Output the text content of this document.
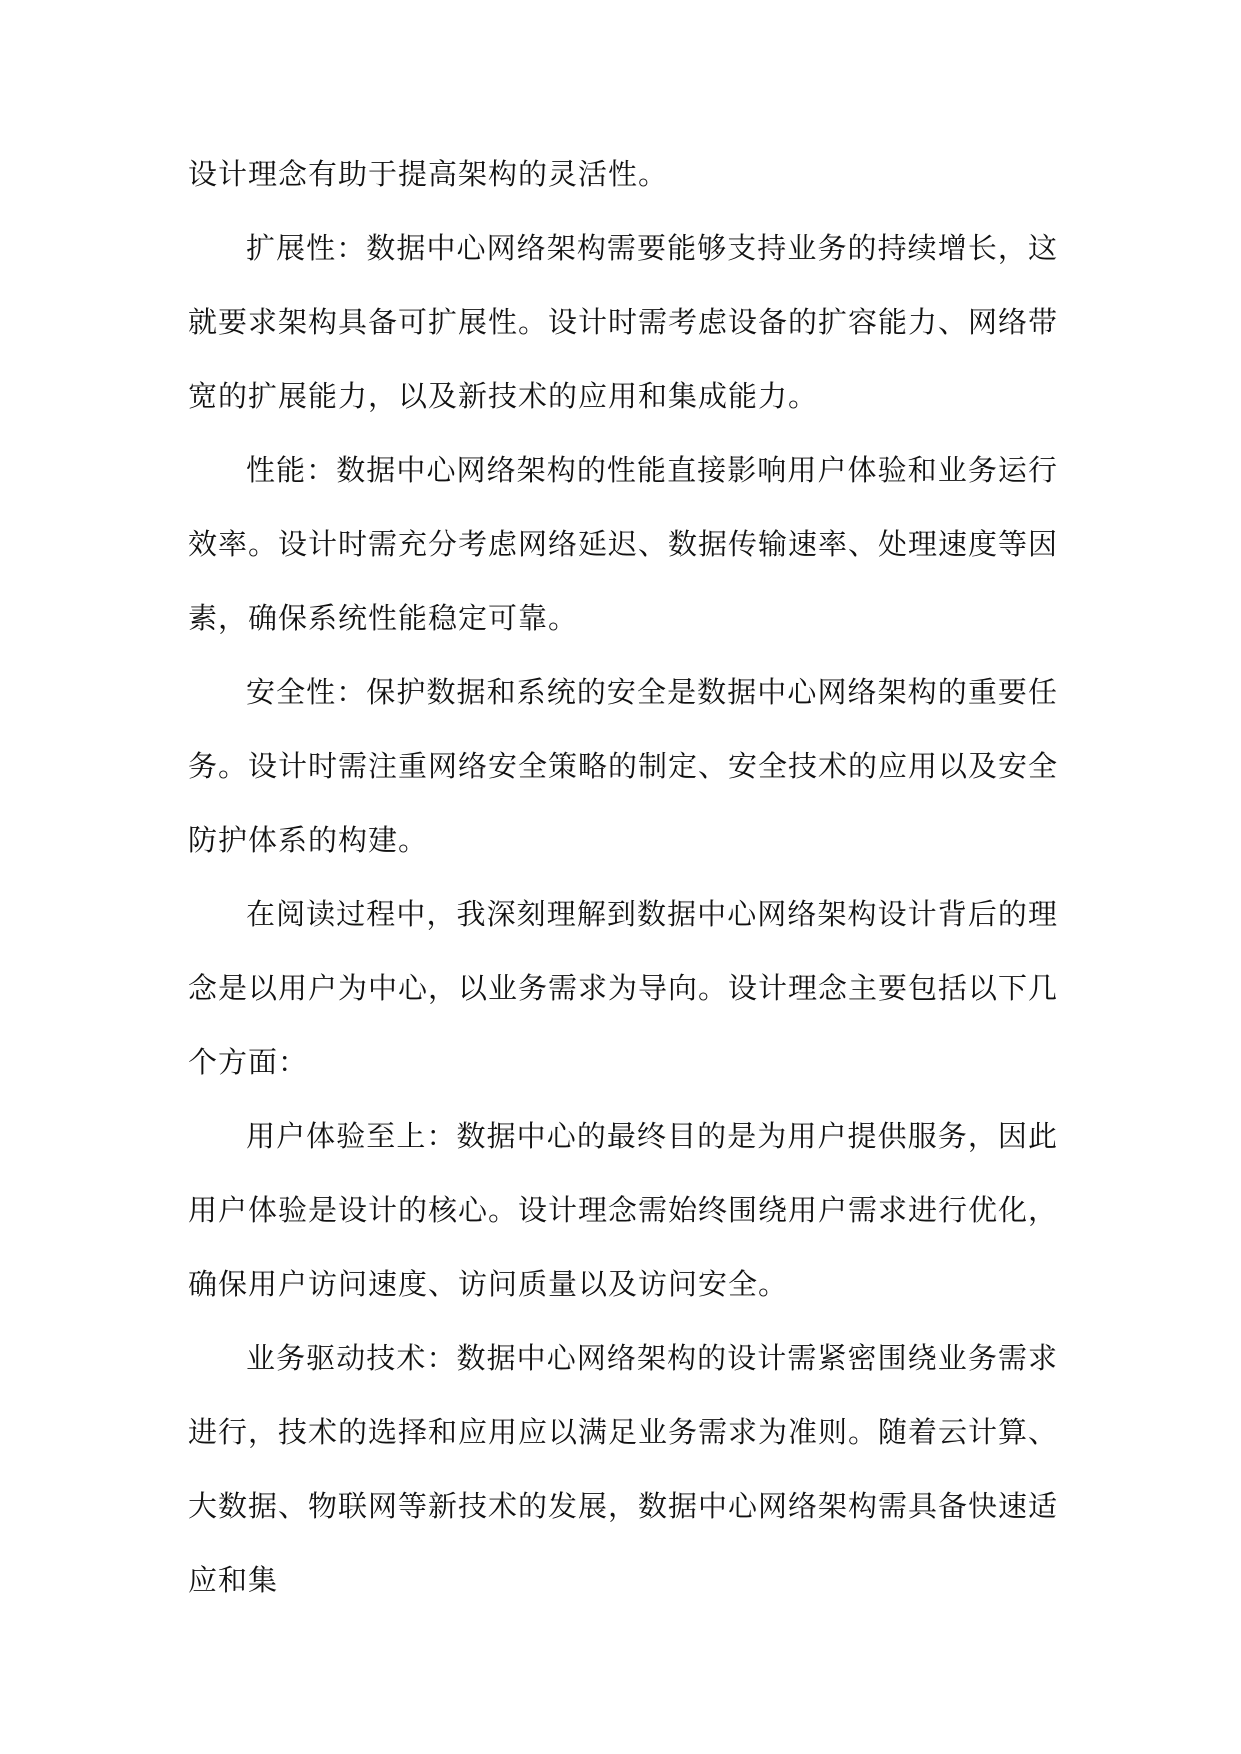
设计理念有助于提高架构的灵活性。

扩展性：数据中心网络架构需要能够支持业务的持续增长，这就要求架构具备可扩展性。设计时需考虑设备的扩容能力、网络带宽的扩展能力，以及新技术的应用和集成能力。

性能：数据中心网络架构的性能直接影响用户体验和业务运行效率。设计时需充分考虑网络延迟、数据传输速率、处理速度等因素，确保系统性能稳定可靠。

安全性：保护数据和系统的安全是数据中心网络架构的重要任务。设计时需注重网络安全策略的制定、安全技术的应用以及安全防护体系的构建。

在阅读过程中，我深刻理解到数据中心网络架构设计背后的理念是以用户为中心，以业务需求为导向。设计理念主要包括以下几个方面：

用户体验至上：数据中心的最终目的是为用户提供服务，因此用户体验是设计的核心。设计理念需始终围绕用户需求进行优化，确保用户访问速度、访问质量以及访问安全。

业务驱动技术：数据中心网络架构的设计需紧密围绕业务需求进行，技术的选择和应用应以满足业务需求为准则。随着云计算、大数据、物联网等新技术的发展，数据中心网络架构需具备快速适应和集
